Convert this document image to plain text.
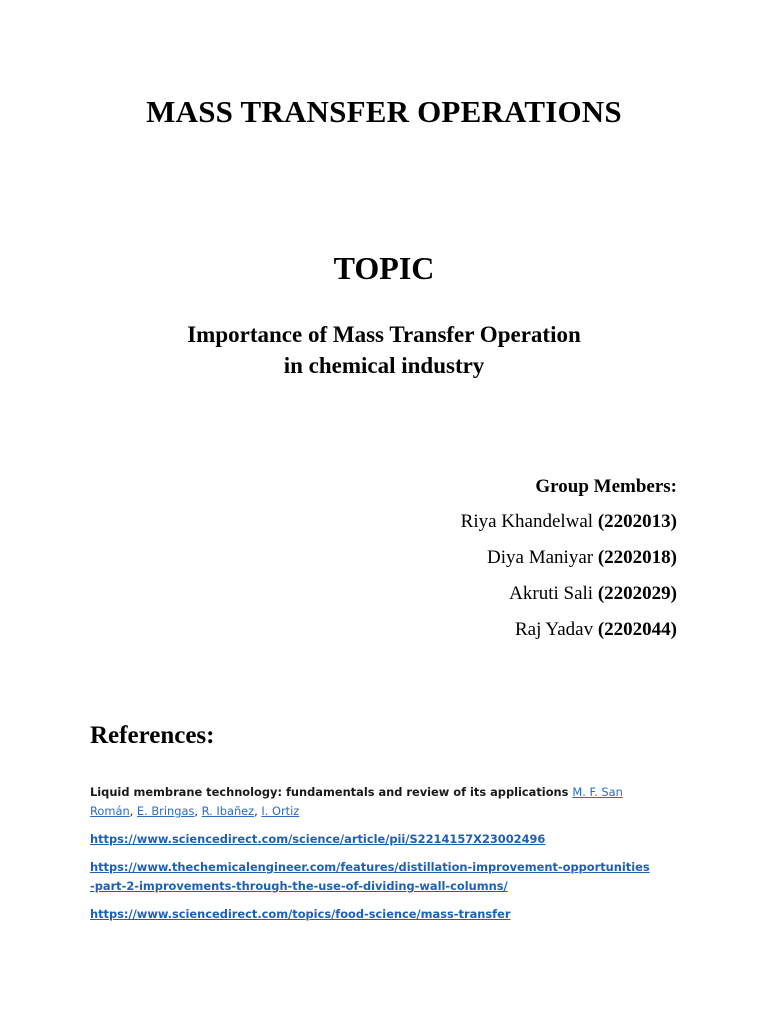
MASS TRANSFER OPERATIONS
TOPIC
Importance of Mass Transfer Operation
in chemical industry
Group Members:
Riya Khandelwal (2202013)
Diya Maniyar (2202018)
Akruti Sali (2202029)
Raj Yadav (2202044)
References:
Liquid membrane technology: fundamentals and review of its applications M. F. San Román, E. Bringas, R. Ibañez, I. Ortiz
https://www.sciencedirect.com/science/article/pii/S2214157X23002496
https://www.thechemicalengineer.com/features/distillation-improvement-opportunities-part-2-improvements-through-the-use-of-dividing-wall-columns/
https://www.sciencedirect.com/topics/food-science/mass-transfer
